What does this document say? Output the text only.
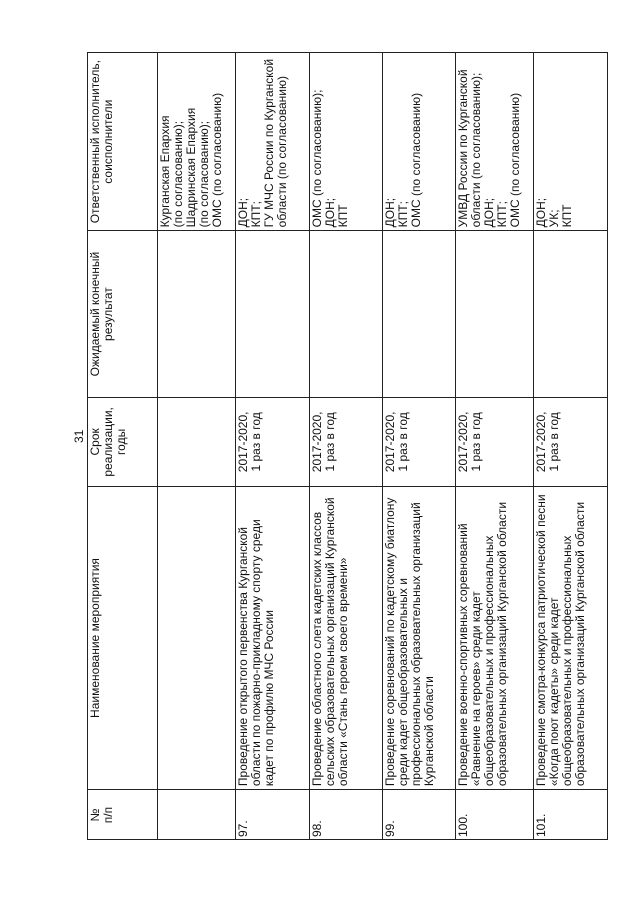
31
№
п/п	Наименование мероприятия	Срок
реализации,
годы	Ожидаемый конечный
результат	Ответственный исполнитель,
соисполнители
				Курганская Епархия
(по согласованию);
Шадринская Епархия
(по согласованию);
ОМС (по согласованию)
97.	Проведение открытого первенства Курганской области по пожарно-прикладному спорту среди кадет по профилю МЧС России	2017-2020,
1 раз в год		ДОН;
КПТ;
ГУ МЧС России по Курганской области (по согласованию)
98.	Проведение областного слета кадетских классов сельских образовательных организаций Курганской области «Стань героем своего времени»	2017-2020,
1 раз в год		ОМС (по согласованию);
ДОН;
КПТ
99.	Проведение соревнований по кадетскому биатлону среди кадет общеобразовательных и профессиональных образовательных организаций Курганской области	2017-2020,
1 раз в год		ДОН;
КПТ;
ОМС (по согласованию)
100.	Проведение военно-спортивных соревнований «Равнение на героев» среди кадет общеобразовательных и профессиональных образовательных организаций Курганской области	2017-2020,
1 раз в год		УМВД России по Курганской области (по согласованию);
ДОН;
КПТ;
ОМС (по согласованию)
101.	Проведение смотра-конкурса патриотической песни «Когда поют кадеты» среди кадет общеобразовательных и профессиональных образовательных организаций Курганской области	2017-2020,
1 раз в год		ДОН;
УК;
КПТ
